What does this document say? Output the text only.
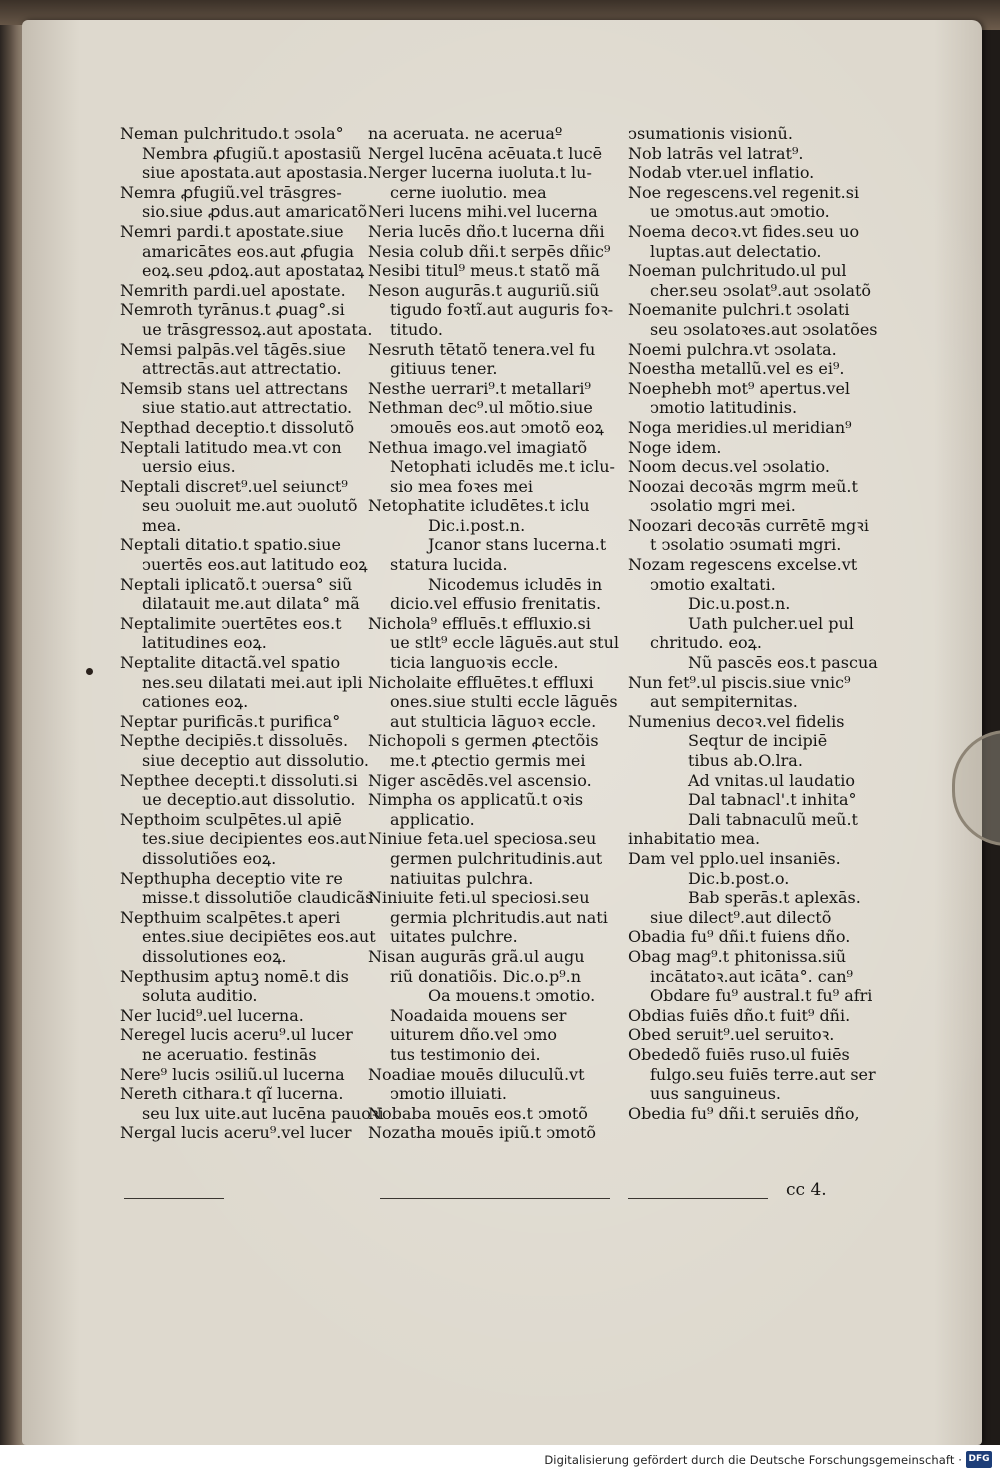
Neman pulchritudo.t ↄsola°
Nembra ꝓfugiũ.t apostasiũ
siue apostata.aut apostasia.
Nemra ꝓfugiũ.vel trāsgres-
sio.siue ꝓdus.aut amaricatõ
Nemri pardi.t apostate.siue
amaricātes eos.aut ꝓfugia
eoꝝ.seu ꝓdoꝝ.aut apostataꝝ
Nemrith pardi.uel apostate.
Nemroth tyrānus.t ꝓuag°.si
ue trāsgressoꝝ.aut apostata.
Nemsi palpās.vel tāgēs.siue
attrectās.aut attrectatio.
Nemsib stans uel attrectans
siue statio.aut attrectatio.
Nepthad deceptio.t dissolutõ
Neptali latitudo mea.vt con
uersio eius.
Neptali discret⁹.uel seiunct⁹
seu ↄuoluit me.aut ↄuolutõ
mea.
Neptali ditatio.t spatio.siue
ↄuertēs eos.aut latitudo eoꝝ
Neptali iplicatõ.t ↄuersa° siũ
dilatauit me.aut dilata° mã
Neptalimite ↄuertētes eos.t
latitudines eoꝝ.
Neptalite ditactã.vel spatio
nes.seu dilatati mei.aut ipli
cationes eoꝝ.
Neptar purificās.t purifica°
Nepthe decipiēs.t dissoluēs.
siue deceptio aut dissolutio.
Nepthee decepti.t dissoluti.si
ue deceptio.aut dissolutio.
Nepthoim sculpētes.ul apiē
tes.siue decipientes eos.aut
dissolutiões eoꝝ.
Nepthupha deceptio vite re
misse.t dissolutiõe claudicãs
Nepthuim scalpētes.t aperi
entes.siue decipiētes eos.aut
dissolutiones eoꝝ.
Nepthusim aptuꝫ nomē.t dis
soluta auditio.
Ner lucid⁹.uel lucerna.
Neregel lucis aceru⁹.ul lucer
ne aceruatio. festinās
Nere⁹ lucis ↄsiliũ.ul lucerna
Nereth cithara.t qĩ lucerna.
seu lux uite.aut lucēna pauoꝛi
Nergal lucis aceru⁹.vel lucer
na aceruata. ne aceruaº
Nergel lucēna acēuata.t lucē
Nerger lucerna iuoluta.t lu-
cerne iuolutio. mea
Neri lucens mihi.vel lucerna
Neria lucēs dño.t lucerna dñi
Nesia colub dñi.t serpēs dñic⁹
Nesibi titul⁹ meus.t statõ mã
Neson augurās.t auguriũ.siũ
tigudo foꝛtĩ.aut auguris foꝛ-
titudo.
Nesruth tētatõ tenera.vel fu
gitiuus tener.
Nesthe uerrari⁹.t metallari⁹
Nethman dec⁹.ul mõtio.siue
ↄmouēs eos.aut ↄmotõ eoꝝ
Nethua imago.vel imagiatõ
Netophati icludēs me.t iclu-
sio mea foꝛes mei
Netophatite icludētes.t iclu
Dic.i.post.n.
Jcanor stans lucerna.t
statura lucida.
Nicodemus icludēs in
dicio.vel effusio frenitatis.
Nichola⁹ effluēs.t effluxio.si
ue stlt⁹ eccle lāguēs.aut stul
ticia languoꝛis eccle.
Nicholaite effluētes.t effluxi
ones.siue stulti eccle lāguēs
aut stulticia lāguoꝛ eccle.
Nichopoli s germen ꝓtectõis
me.t ꝓtectio germis mei
Niger ascēdēs.vel ascensio.
Nimpha os applicatũ.t oꝛis
applicatio.
Niniue feta.uel speciosa.seu
germen pulchritudinis.aut
natiuitas pulchra.
Niniuite feti.ul speciosi.seu
germia plchritudis.aut nati
uitates pulchre.
Nisan augurās grã.ul augu
riũ donatiõis. Dic.o.p⁹.n
Oa mouens.t ↄmotio.
Noadaida mouens ser
uiturem dño.vel ↄmo
tus testimonio dei.
Noadiae mouēs diluculũ.vt
ↄmotio illuiati.
Nobaba mouēs eos.t ↄmotõ
Nozatha mouēs ipiũ.t ↄmotõ
ↄsumationis visionũ.
Nob latrās vel latrat⁹.
Nodab vter.uel inflatio.
Noe regescens.vel regenit.si
ue ↄmotus.aut ↄmotio.
Noema decoꝛ.vt fides.seu uo
luptas.aut delectatio.
Noeman pulchritudo.ul pul
cher.seu ↄsolat⁹.aut ↄsolatõ
Noemanite pulchri.t ↄsolati
seu ↄsolatoꝛes.aut ↄsolatões
Noemi pulchra.vt ↄsolata.
Noestha metallũ.vel es ei⁹.
Noephebh mot⁹ apertus.vel
ↄmotio latitudinis.
Noga meridies.ul meridian⁹
Noge idem.
Noom decus.vel ↄsolatio.
Noozai decoꝛās mgrm meũ.t
ↄsolatio mgri mei.
Noozari decoꝛās currētē mgꝛi
t ↄsolatio ↄsumati mgri.
Nozam regescens excelse.vt
ↄmotio exaltati.
Dic.u.post.n.
Uath pulcher.uel pul
chritudo. eoꝝ.
Nũ pascēs eos.t pascua
Nun fet⁹.ul piscis.siue vnic⁹
aut sempiternitas.
Numenius decoꝛ.vel fidelis
Seqtur de incipiē
tibus ab.O.lra.
Ad vnitas.ul laudatio
Dal tabnacl'.t inhita°
Dali tabnaculũ meũ.t
inhabitatio mea.
Dam vel pplo.uel insaniēs.
Dic.b.post.o.
Bab sperās.t aplexās.
siue dilect⁹.aut dilectõ
Obadia fu⁹ dñi.t fuiens dño.
Obag mag⁹.t phitonissa.siũ
incātatoꝛ.aut icāta°. can⁹
Obdare fu⁹ austral.t fu⁹ afri
Obdias fuiēs dño.t fuit⁹ dñi.
Obed seruit⁹.uel seruitoꝛ.
Obededõ fuiēs ruso.ul fuiēs
fulgo.seu fuiēs terre.aut ser
uus sanguineus.
Obedia fu⁹ dñi.t seruiēs dño,
cc 4.
Digitalisierung gefördert durch die Deutsche Forschungsgemeinschaft · DFG
